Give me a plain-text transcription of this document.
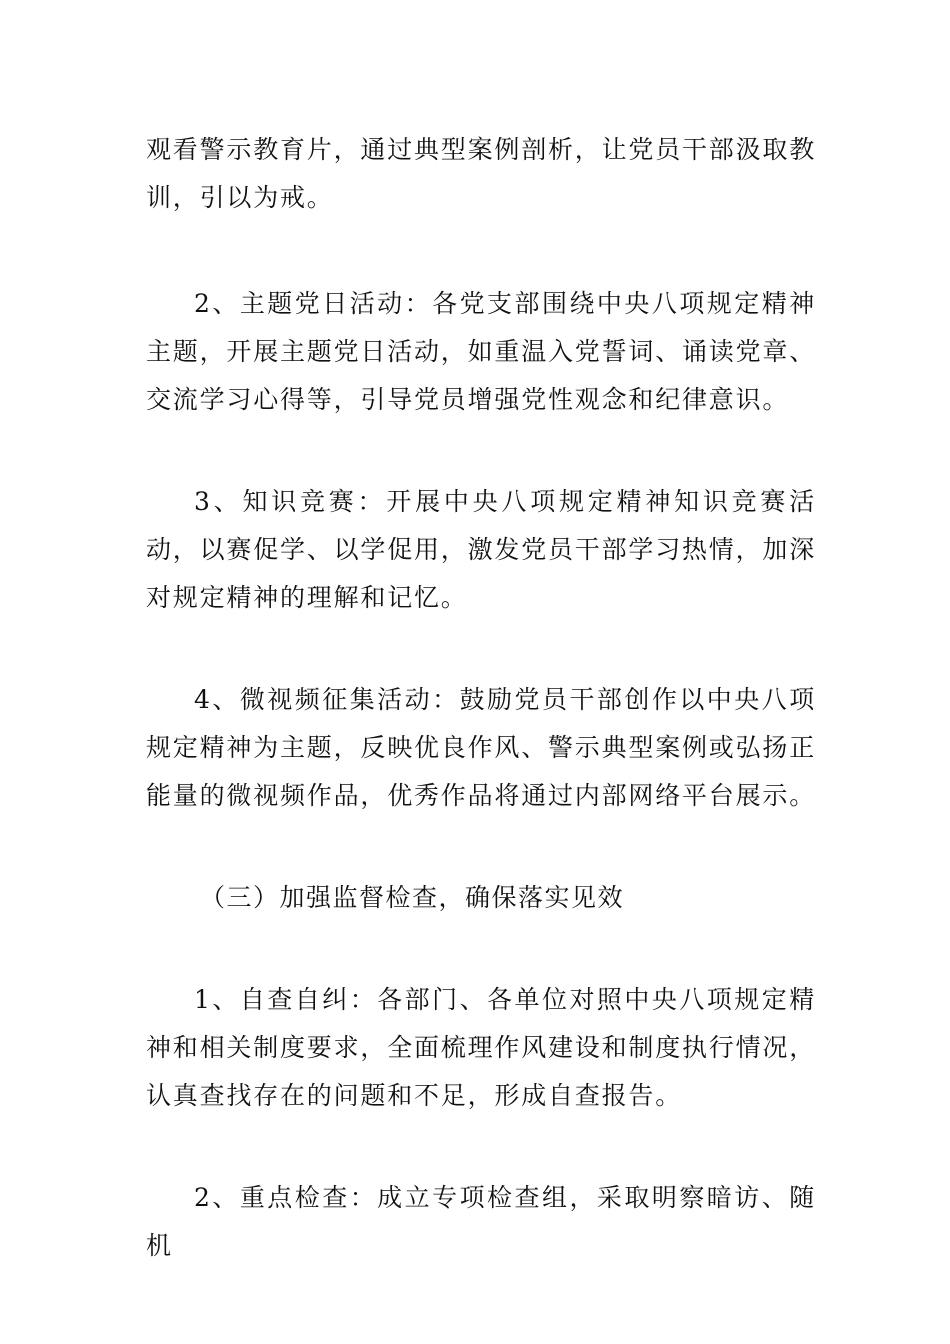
观看警示教育片，通过典型案例剖析，让党员干部汲取教训，引以为戒。

2、主题党日活动：各党支部围绕中央八项规定精神主题，开展主题党日活动，如重温入党誓词、诵读党章、交流学习心得等，引导党员增强党性观念和纪律意识。

3、知识竞赛：开展中央八项规定精神知识竞赛活动，以赛促学、以学促用，激发党员干部学习热情，加深对规定精神的理解和记忆。

4、微视频征集活动：鼓励党员干部创作以中央八项规定精神为主题，反映优良作风、警示典型案例或弘扬正能量的微视频作品，优秀作品将通过内部网络平台展示。

（三）加强监督检查，确保落实见效

1、自查自纠：各部门、各单位对照中央八项规定精神和相关制度要求，全面梳理作风建设和制度执行情况，认真查找存在的问题和不足，形成自查报告。

2、重点检查：成立专项检查组，采取明察暗访、随机
